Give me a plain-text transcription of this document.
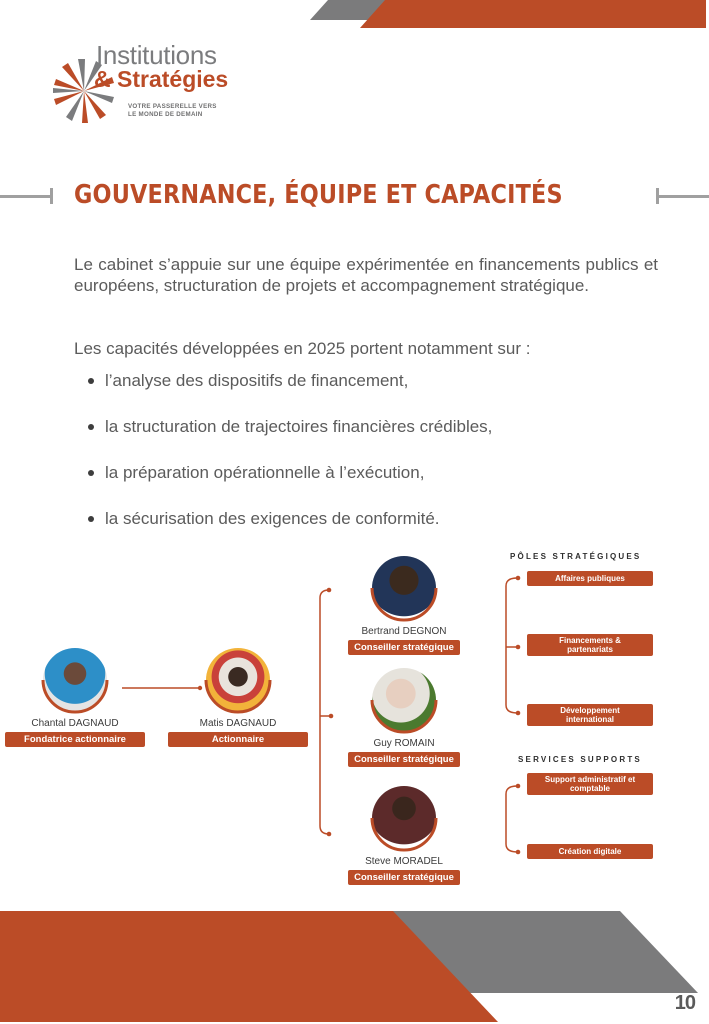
Institutions
& Stratégies
VOTRE PASSERELLE VERS
LE MONDE DE DEMAIN
GOUVERNANCE, ÉQUIPE ET CAPACITÉS

Le cabinet s’appuie sur une équipe expérimentée en financements publics et européens, structuration de projets et accompagnement stratégique.

Les capacités développées en 2025 portent notamment sur :

l’analyse des dispositifs de financement,
la structuration de trajectoires financières crédibles,
la préparation opérationnelle à l’exécution,
la sécurisation des exigences de conformité.
Chantal DAGNAUD
Fondatrice actionnaire
Matis DAGNAUD
Actionnaire
Bertrand DEGNON
Conseiller stratégique
Guy ROMAIN
Conseiller stratégique
Steve MORADEL
Conseiller stratégique
PÔLES STRATÉGIQUES
Affaires publiques
Financements & partenariats
Développement international
SERVICES SUPPORTS
Support administratif et comptable
Création digitale
10
